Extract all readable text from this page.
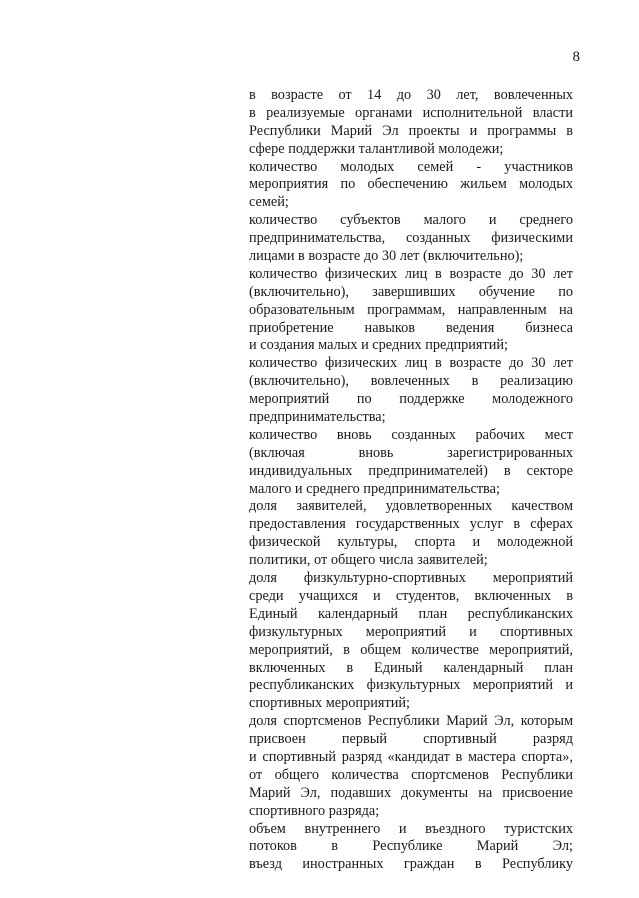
8
в возрасте от 14 до 30 лет, вовлеченных
в реализуемые органами исполнительной власти
Республики Марий Эл проекты и программы в
сфере поддержки талантливой молодежи;
количество молодых семей - участников
мероприятия по обеспечению жильем молодых
семей;
количество субъектов малого и среднего
предпринимательства, созданных физическими
лицами в возрасте до 30 лет (включительно);
количество физических лиц в возрасте до 30 лет
(включительно), завершивших обучение по
образовательным программам, направленным на
приобретение навыков ведения бизнеса
и создания малых и средних предприятий;
количество физических лиц в возрасте до 30 лет
(включительно), вовлеченных в реализацию
мероприятий по поддержке молодежного
предпринимательства;
количество вновь созданных рабочих мест
(включая вновь зарегистрированных
индивидуальных предпринимателей) в секторе
малого и среднего предпринимательства;
доля заявителей, удовлетворенных качеством
предоставления государственных услуг в сферах
физической культуры, спорта и молодежной
политики, от общего числа заявителей;
доля физкультурно-спортивных мероприятий
среди учащихся и студентов, включенных в
Единый календарный план республиканских
физкультурных мероприятий и спортивных
мероприятий, в общем количестве мероприятий,
включенных в Единый календарный план
республиканских физкультурных мероприятий и
спортивных мероприятий;
доля спортсменов Республики Марий Эл, которым
присвоен первый спортивный разряд
и спортивный разряд «кандидат в мастера спорта»,
от общего количества спортсменов Республики
Марий Эл, подавших документы на присвоение
спортивного разряда;
объем внутреннего и въездного туристских
потоков в Республике Марий Эл;
въезд иностранных граждан в Республику
